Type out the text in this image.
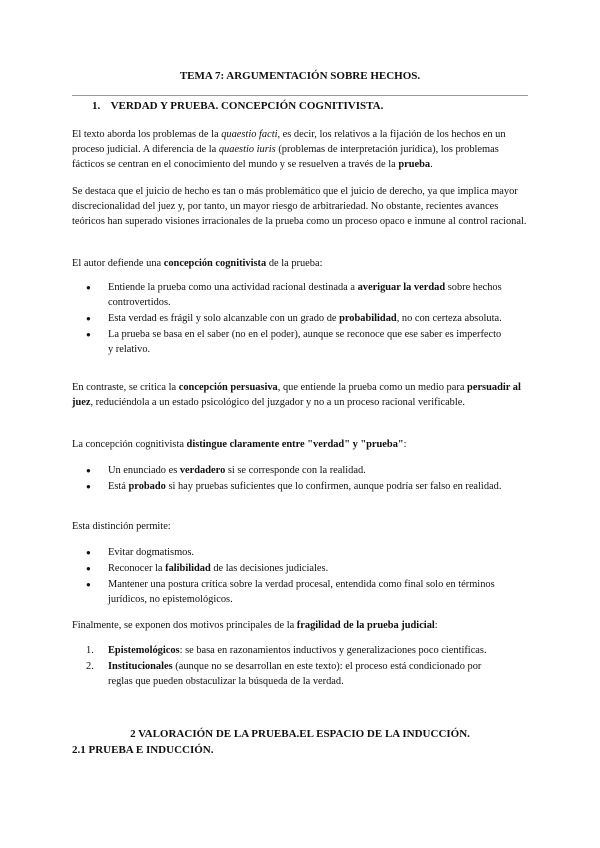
TEMA 7: ARGUMENTACIÓN SOBRE HECHOS.
1. VERDAD Y PRUEBA. CONCEPCIÓN COGNITIVISTA.

El texto aborda los problemas de la quaestio facti, es decir, los relativos a la fijación de los hechos en un proceso judicial. A diferencia de la quaestio iuris (problemas de interpretación jurídica), los problemas fácticos se centran en el conocimiento del mundo y se resuelven a través de la prueba.

Se destaca que el juicio de hecho es tan o más problemático que el juicio de derecho, ya que implica mayor discrecionalidad del juez y, por tanto, un mayor riesgo de arbitrariedad. No obstante, recientes avances teóricos han superado visiones irracionales de la prueba como un proceso opaco e inmune al control racional.

El autor defiende una concepción cognitivista de la prueba:

● Entiende la prueba como una actividad racional destinada a averiguar la verdad sobre hechos controvertidos.
● Esta verdad es frágil y solo alcanzable con un grado de probabilidad, no con certeza absoluta.
● La prueba se basa en el saber (no en el poder), aunque se reconoce que ese saber es imperfecto y relativo.

En contraste, se critica la concepción persuasiva, que entiende la prueba como un medio para persuadir al juez, reduciéndola a un estado psicológico del juzgador y no a un proceso racional verificable.

La concepción cognitivista distingue claramente entre "verdad" y "prueba":

● Un enunciado es verdadero si se corresponde con la realidad.
● Está probado si hay pruebas suficientes que lo confirmen, aunque podría ser falso en realidad.

Esta distinción permite:

● Evitar dogmatismos.
● Reconocer la falibilidad de las decisiones judiciales.
● Mantener una postura crítica sobre la verdad procesal, entendida como final solo en términos jurídicos, no epistemológicos.

Finalmente, se exponen dos motivos principales de la fragilidad de la prueba judicial:

1. Epistemológicos: se basa en razonamientos inductivos y generalizaciones poco científicas.
2. Institucionales (aunque no se desarrollan en este texto): el proceso está condicionado por reglas que pueden obstaculizar la búsqueda de la verdad.
2 VALORACIÓN DE LA PRUEBA.EL ESPACIO DE LA INDUCCIÓN.
2.1 PRUEBA E INDUCCIÓN.
